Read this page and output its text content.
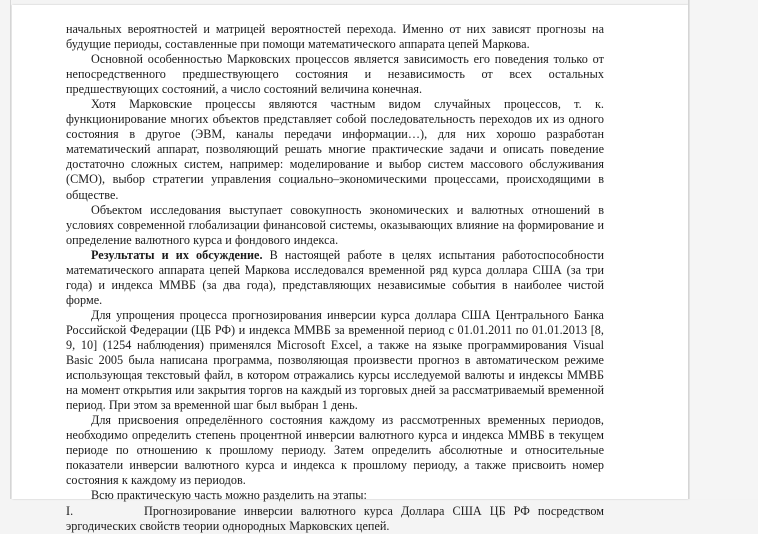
начальных вероятностей и матрицей вероятностей перехода. Именно от них зависят прогнозы на будущие периоды, составленные при помощи математического аппарата цепей Маркова.

Основной особенностью Марковских процессов является зависимость его поведения только от непосредственного предшествующего состояния и независимость от всех остальных предшествующих состояний, а число состояний величина конечная.

Хотя Марковские процессы являются частным видом случайных процессов, т. к. функционирование многих объектов представляет собой последовательность переходов их из одного состояния в другое (ЭВМ, каналы передачи информации…), для них хорошо разработан математический аппарат, позволяющий решать многие практические задачи и описать поведение достаточно сложных систем, например: моделирование и выбор систем массового обслуживания (СМО), выбор стратегии управления социально–экономическими процессами, происходящими в обществе.

Объектом исследования выступает совокупность экономических и валютных отношений в условиях современной глобализации финансовой системы, оказывающих влияние на формирование и определение валютного курса и фондового индекса.

Результаты и их обсуждение. В настоящей работе в целях испытания работоспособности математического аппарата цепей Маркова исследовался временной ряд курса доллара США (за три года) и индекса ММВБ (за два года), представляющих независимые события в наиболее чистой форме.

Для упрощения процесса прогнозирования инверсии курса доллара США Центрального Банка Российской Федерации (ЦБ РФ) и индекса ММВБ за временной период с 01.01.2011 по 01.01.2013 [8, 9, 10] (1254 наблюдения) применялся Microsoft Excel, а также на языке программирования Visual Basic 2005 была написана программа, позволяющая произвести прогноз в автоматическом режиме использующая текстовый файл, в котором отражались курсы исследуемой валюты и индексы ММВБ на момент открытия или закрытия торгов на каждый из торговых дней за рассматриваемый временной период. При этом за временной шаг был выбран 1 день.

Для присвоения определённого состояния каждому из рассмотренных временных периодов, необходимо определить степень процентной инверсии валютного курса и индекса ММВБ в текущем периоде по отношению к прошлому периоду. Затем определить абсолютные и относительные показатели инверсии валютного курса и индекса к прошлому периоду, а также присвоить номер состояния к каждому из периодов.

Всю практическую часть можно разделить на этапы:

I.	Прогнозирование инверсии валютного курса Доллара США ЦБ РФ посредством эргодических свойств теории однородных Марковских цепей.
